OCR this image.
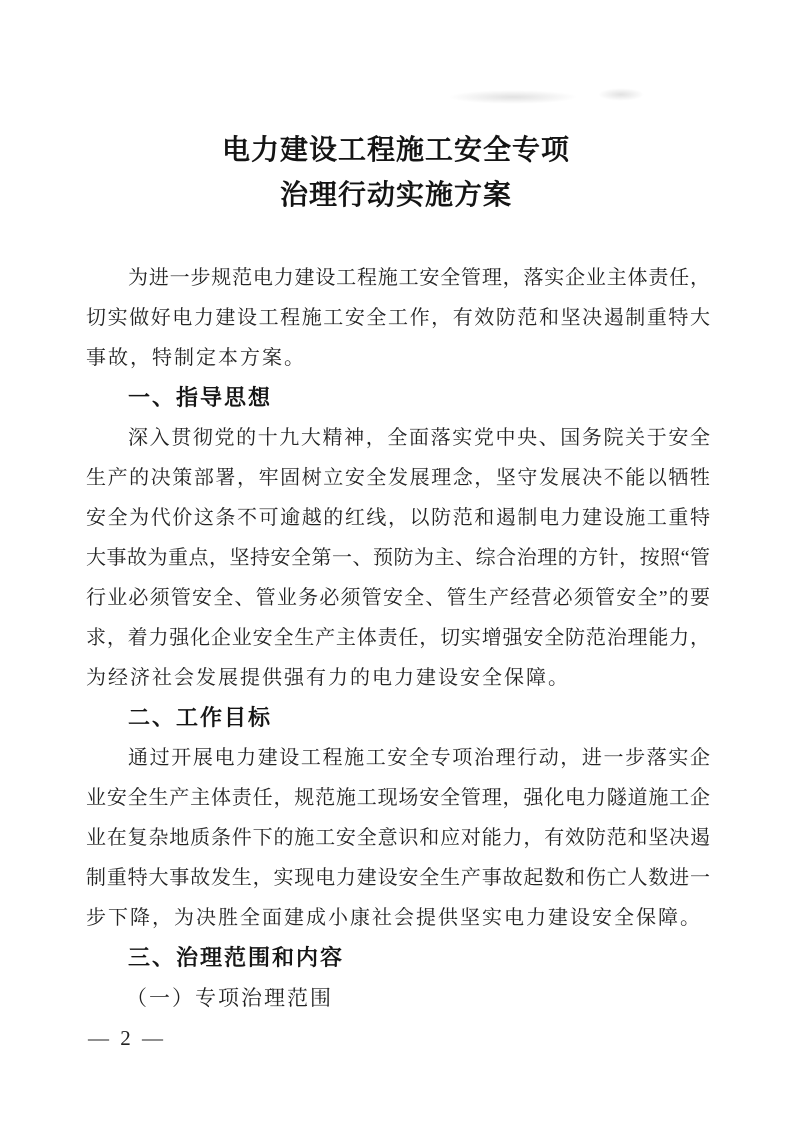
电力建设工程施工安全专项
治理行动实施方案
为进一步规范电力建设工程施工安全管理，落实企业主体责任，
切实做好电力建设工程施工安全工作，有效防范和坚决遏制重特大
事故，特制定本方案。
一、指导思想
深入贯彻党的十九大精神，全面落实党中央、国务院关于安全
生产的决策部署，牢固树立安全发展理念，坚守发展决不能以牺牲
安全为代价这条不可逾越的红线，以防范和遏制电力建设施工重特
大事故为重点，坚持安全第一、预防为主、综合治理的方针，按照“管
行业必须管安全、管业务必须管安全、管生产经营必须管安全”的要
求，着力强化企业安全生产主体责任，切实增强安全防范治理能力，
为经济社会发展提供强有力的电力建设安全保障。
二、工作目标
通过开展电力建设工程施工安全专项治理行动，进一步落实企
业安全生产主体责任，规范施工现场安全管理，强化电力隧道施工企
业在复杂地质条件下的施工安全意识和应对能力，有效防范和坚决遏
制重特大事故发生，实现电力建设安全生产事故起数和伤亡人数进一
步下降，为决胜全面建成小康社会提供坚实电力建设安全保障。
三、治理范围和内容
（一）专项治理范围
— 2 —
